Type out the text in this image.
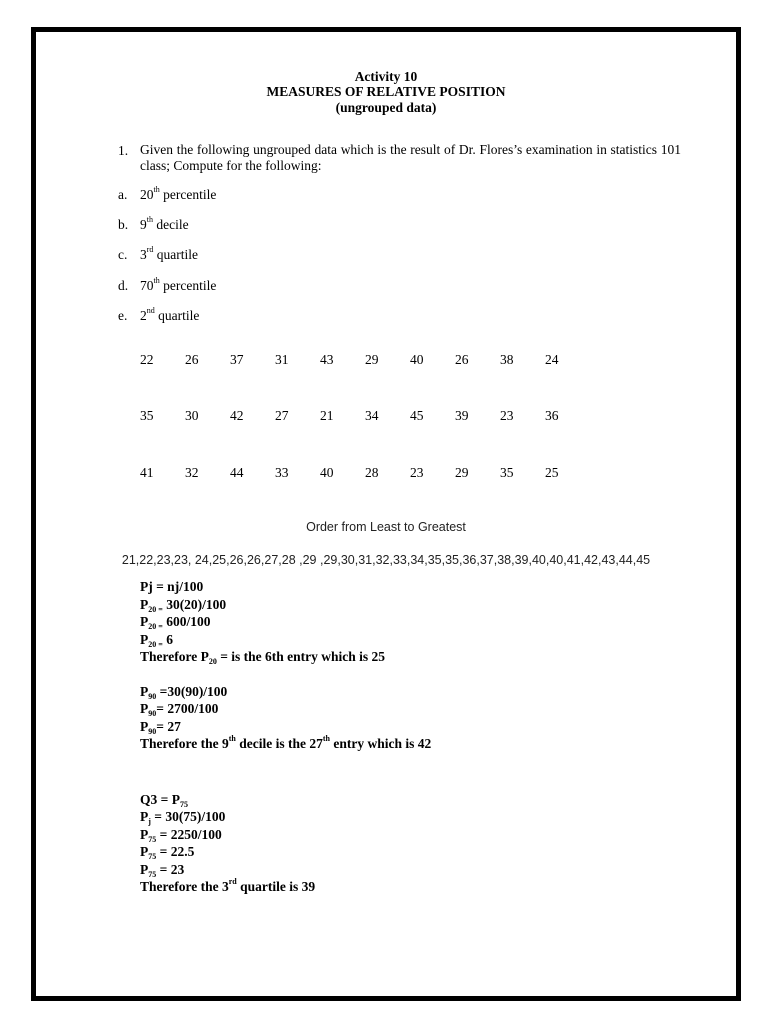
Activity 10
MEASURES OF RELATIVE POSITION
(ungrouped data)
1. Given the following ungrouped data which is the result of Dr. Flores’s examination in statistics 101 class; Compute for the following:
a. 20th percentile
b. 9th decile
c. 3rd quartile
d. 70th percentile
e. 2nd quartile
22 26 37 31 43 29 40 26 38 24
35 30 42 27 21 34 45 39 23 36
41 32 44 33 40 28 23 29 35 25
Order from Least to Greatest
21,22,23,23, 24,25,26,26,27,28 ,29 ,29,30,31,32,33,34,35,35,36,37,38,39,40,40,41,42,43,44,45
Pj = nj/100
$P_{20 =}$ 30(20)/100
$P_{20 =}$ 600/100
$P_{20 =}$ 6
Therefore $P_{20}$ = is the 6th entry which is 25
$P_{90} =30(90)/100$
$P_{90}= 2700/100$
$P_{90}= 27$
Therefore the 9th decile is the 27th entry which is 42
$Q3 = P_{75}$
$P_j = 30(75)/100$
$P_{75} = 2250/100$
$P_{75} = 22.5$
$P_{75} = 23$
Therefore the 3rd quartile is 39
